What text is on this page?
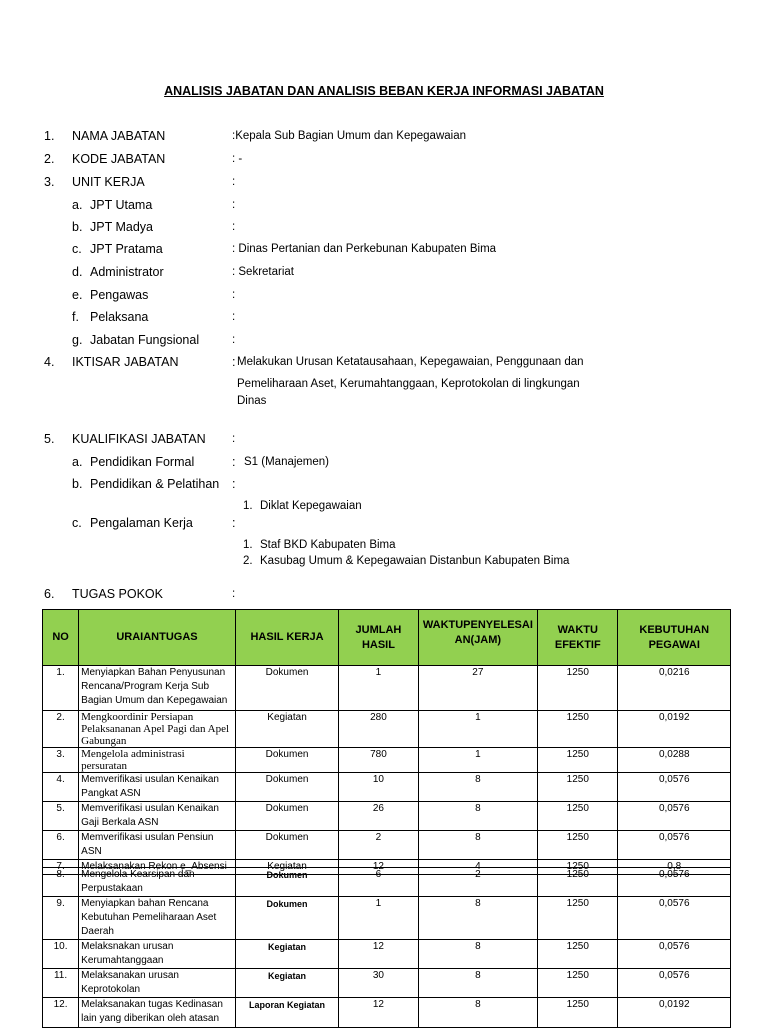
ANALISIS JABATAN DAN ANALISIS BEBAN KERJA INFORMASI JABATAN
1. NAMA JABATAN	:Kepala Sub Bagian Umum dan Kepegawaian
2. KODE JABATAN	: -
3. UNIT KERJA	:
a. JPT Utama	:
b. JPT Madya	:
c. JPT Pratama	: Dinas Pertanian dan Perkebunan Kabupaten Bima
d. Administrator	: Sekretariat
e. Pengawas	:
f. Pelaksana	:
g. Jabatan Fungsional	:
4. IKTISAR JABATAN	: Melakukan Urusan Ketatausahaan, Kepegawaian, Penggunaan dan
Pemeliharaan Aset, Kerumahtanggaan, Keprotokolan di lingkungan Dinas
5. KUALIFIKASI JABATAN :
a. Pendidikan Formal	: S1 (Manajemen)
b. Pendidikan & Pelatihan :
1. Diklat Kepegawaian
c. Pengalaman Kerja	:
1. Staf BKD Kabupaten Bima
2. Kasubag Umum & Kepegawaian Distanbun Kabupaten Bima
6. TUGAS POKOK	:
NO	URAIANTUGAS	HASIL KERJA	JUMLAH HASIL	WAKTUPENYELESAIAN(JAM)	WAKTU EFEKTIF	KEBUTUHAN PEGAWAI
1.	Menyiapkan Bahan Penyusunan Rencana/Program Kerja Sub Bagian Umum dan Kepegawaian	Dokumen	1	27	1250	0,0216
2.	Mengkoordinir Persiapan Pelaksananan Apel Pagi dan Apel Gabungan	Kegiatan	280	1	1250	0,0192
3.	Mengelola administrasi persuratan	Dokumen	780	1	1250	0,0288
4.	Memverifikasi usulan Kenaikan Pangkat ASN	Dokumen	10	8	1250	0,0576
5.	Memverifikasi usulan Kenaikan Gaji Berkala ASN	Dokumen	26	8	1250	0,0576
6.	Memverifikasi usulan Pensiun ASN	Dokumen	2	8	1250	0,0576
7.	Melaksanakan Rekon e_Absensi	Kegiatan	12	4	1250	0,8
8.	Mengelola Kearsipan dan Perpustakaan	Dokumen	6	2	1250	0,0576
9.	Menyiapkan bahan Rencana Kebutuhan Pemeliharaan Aset Daerah	Dokumen	1	8	1250	0,0576
10.	Melaksnakan urusan Kerumahtanggaan	Kegiatan	12	8	1250	0,0576
11.	Melaksanakan urusan Keprotokolan	Kegiatan	30	8	1250	0,0576
12.	Melaksanakan tugas Kedinasan lain yang diberikan oleh atasan	Laporan Kegiatan	12	8	1250	0,0192
